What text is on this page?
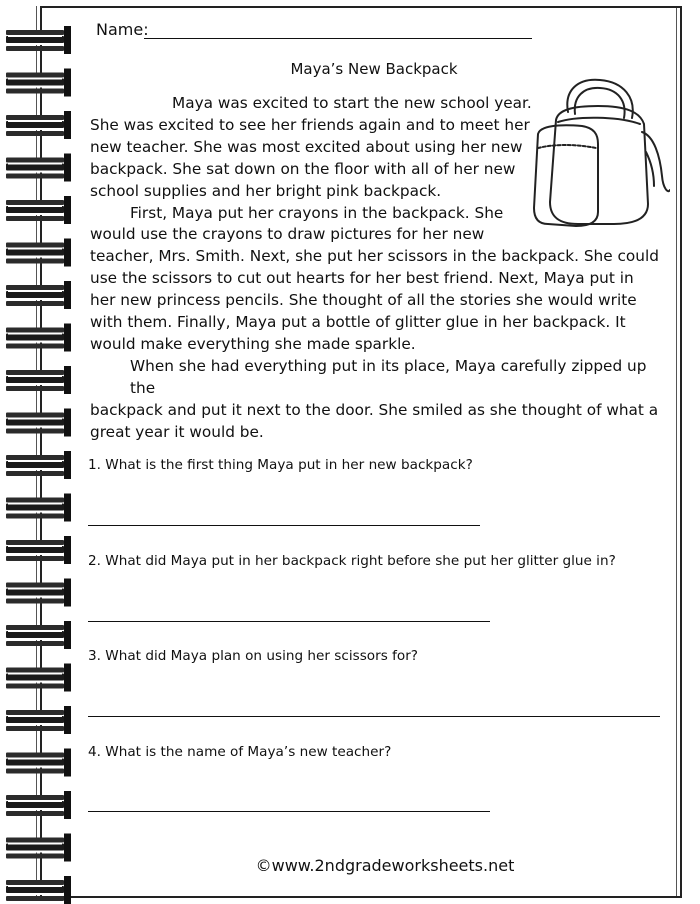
Name:
Maya’s New Backpack

Maya was excited to start the new school year.
She was excited to see her friends again and to meet her
new teacher. She was most excited about using her new
backpack. She sat down on the floor with all of her new
school supplies and her bright pink backpack.

First, Maya put her crayons in the backpack. She
would use the crayons to draw pictures for her new
teacher, Mrs. Smith. Next, she put her scissors in the backpack. She could
use the scissors to cut out hearts for her best friend. Next, Maya put in
her new princess pencils. She thought of all the stories she would write
with them. Finally, Maya put a bottle of glitter glue in her backpack. It
would make everything she made sparkle.

When she had everything put in its place, Maya carefully zipped up the
backpack and put it next to the door. She smiled as she thought of what a
great year it would be.

1. What is the first thing Maya put in her new backpack?
2. What did Maya put in her backpack right before she put her glitter glue in?
3. What did Maya plan on using her scissors for?
4. What is the name of Maya’s new teacher?
©www.2ndgradeworksheets.net
